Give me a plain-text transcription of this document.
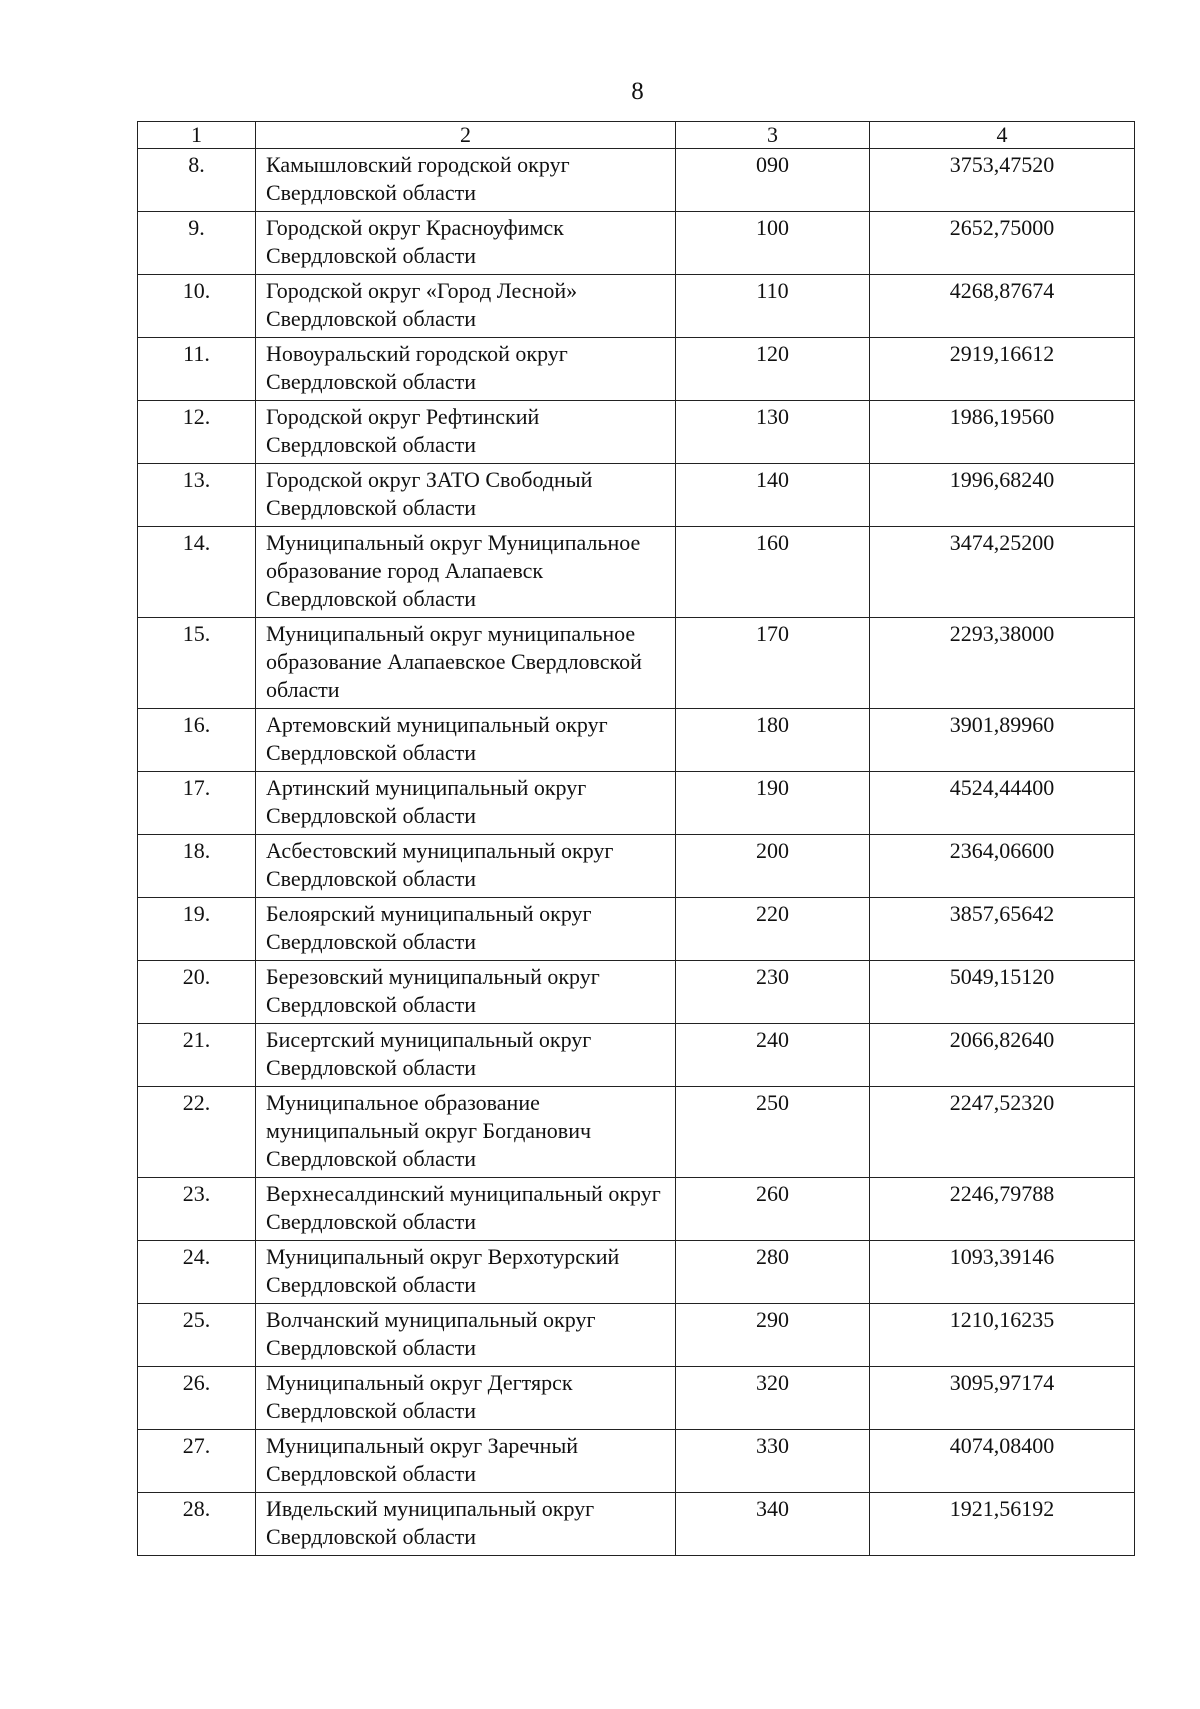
8
1	2	3	4
8.	Камышловский городской округ Свердловской области	090	3753,47520
9.	Городской округ Красноуфимск Свердловской области	100	2652,75000
10.	Городской округ «Город Лесной» Свердловской области	110	4268,87674
11.	Новоуральский городской округ Свердловской области	120	2919,16612
12.	Городской округ Рефтинский Свердловской области	130	1986,19560
13.	Городской округ ЗАТО Свободный Свердловской области	140	1996,68240
14.	Муниципальный округ Муниципальное образование город Алапаевск Свердловской области	160	3474,25200
15.	Муниципальный округ муниципальное образование Алапаевское Свердловской области	170	2293,38000
16.	Артемовский муниципальный округ Свердловской области	180	3901,89960
17.	Артинский муниципальный округ Свердловской области	190	4524,44400
18.	Асбестовский муниципальный округ Свердловской области	200	2364,06600
19.	Белоярский муниципальный округ Свердловской области	220	3857,65642
20.	Березовский муниципальный округ Свердловской области	230	5049,15120
21.	Бисертский муниципальный округ Свердловской области	240	2066,82640
22.	Муниципальное образование муниципальный округ Богданович Свердловской области	250	2247,52320
23.	Верхнесалдинский муниципальный округ Свердловской области	260	2246,79788
24.	Муниципальный округ Верхотурский Свердловской области	280	1093,39146
25.	Волчанский муниципальный округ Свердловской области	290	1210,16235
26.	Муниципальный округ Дегтярск Свердловской области	320	3095,97174
27.	Муниципальный округ Заречный Свердловской области	330	4074,08400
28.	Ивдельский муниципальный округ Свердловской области	340	1921,56192
